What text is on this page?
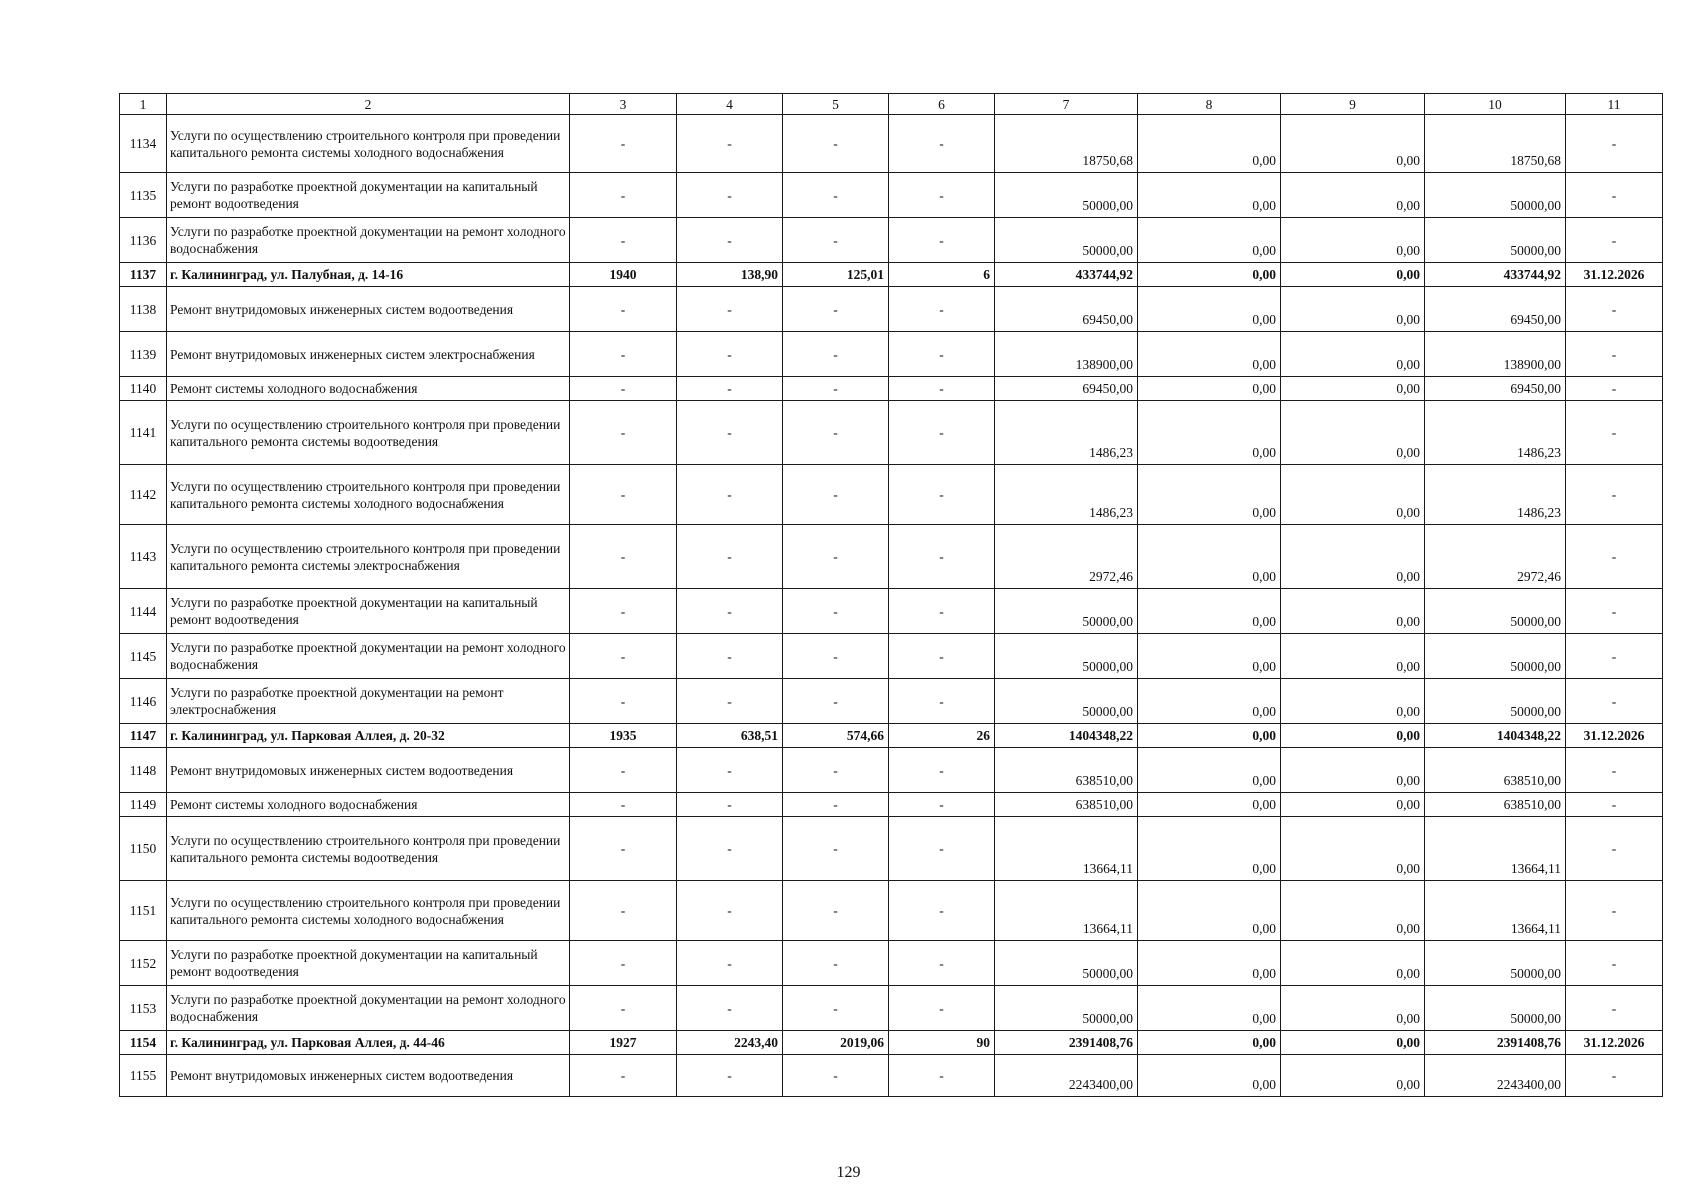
1	2	3	4	5	6	7	8	9	10	11
1134	Услуги по осуществлению строительного контроля при проведении капитального ремонта системы холодного водоснабжения	-	-	-	-	18750,68	0,00	0,00	18750,68	-
1135	Услуги по разработке проектной документации на капитальный ремонт водоотведения	-	-	-	-	50000,00	0,00	0,00	50000,00	-
1136	Услуги по разработке проектной документации на ремонт холодного водоснабжения	-	-	-	-	50000,00	0,00	0,00	50000,00	-
1137	г. Калининград, ул. Палубная, д. 14-16	1940	138,90	125,01	6	433744,92	0,00	0,00	433744,92	31.12.2026
1138	Ремонт внутридомовых инженерных систем водоотведения	-	-	-	-	69450,00	0,00	0,00	69450,00	-
1139	Ремонт внутридомовых инженерных систем электроснабжения	-	-	-	-	138900,00	0,00	0,00	138900,00	-
1140	Ремонт системы холодного водоснабжения	-	-	-	-	69450,00	0,00	0,00	69450,00	-
1141	Услуги по осуществлению строительного контроля при проведении капитального ремонта системы водоотведения	-	-	-	-	1486,23	0,00	0,00	1486,23	-
1142	Услуги по осуществлению строительного контроля при проведении капитального ремонта системы холодного водоснабжения	-	-	-	-	1486,23	0,00	0,00	1486,23	-
1143	Услуги по осуществлению строительного контроля при проведении капитального ремонта системы электроснабжения	-	-	-	-	2972,46	0,00	0,00	2972,46	-
1144	Услуги по разработке проектной документации на капитальный ремонт водоотведения	-	-	-	-	50000,00	0,00	0,00	50000,00	-
1145	Услуги по разработке проектной документации на ремонт холодного водоснабжения	-	-	-	-	50000,00	0,00	0,00	50000,00	-
1146	Услуги по разработке проектной документации на ремонт электроснабжения	-	-	-	-	50000,00	0,00	0,00	50000,00	-
1147	г. Калининград, ул. Парковая Аллея, д. 20-32	1935	638,51	574,66	26	1404348,22	0,00	0,00	1404348,22	31.12.2026
1148	Ремонт внутридомовых инженерных систем водоотведения	-	-	-	-	638510,00	0,00	0,00	638510,00	-
1149	Ремонт системы холодного водоснабжения	-	-	-	-	638510,00	0,00	0,00	638510,00	-
1150	Услуги по осуществлению строительного контроля при проведении капитального ремонта системы водоотведения	-	-	-	-	13664,11	0,00	0,00	13664,11	-
1151	Услуги по осуществлению строительного контроля при проведении капитального ремонта системы холодного водоснабжения	-	-	-	-	13664,11	0,00	0,00	13664,11	-
1152	Услуги по разработке проектной документации на капитальный ремонт водоотведения	-	-	-	-	50000,00	0,00	0,00	50000,00	-
1153	Услуги по разработке проектной документации на ремонт холодного водоснабжения	-	-	-	-	50000,00	0,00	0,00	50000,00	-
1154	г. Калининград, ул. Парковая Аллея, д. 44-46	1927	2243,40	2019,06	90	2391408,76	0,00	0,00	2391408,76	31.12.2026
1155	Ремонт внутридомовых инженерных систем водоотведения	-	-	-	-	2243400,00	0,00	0,00	2243400,00	-
129
